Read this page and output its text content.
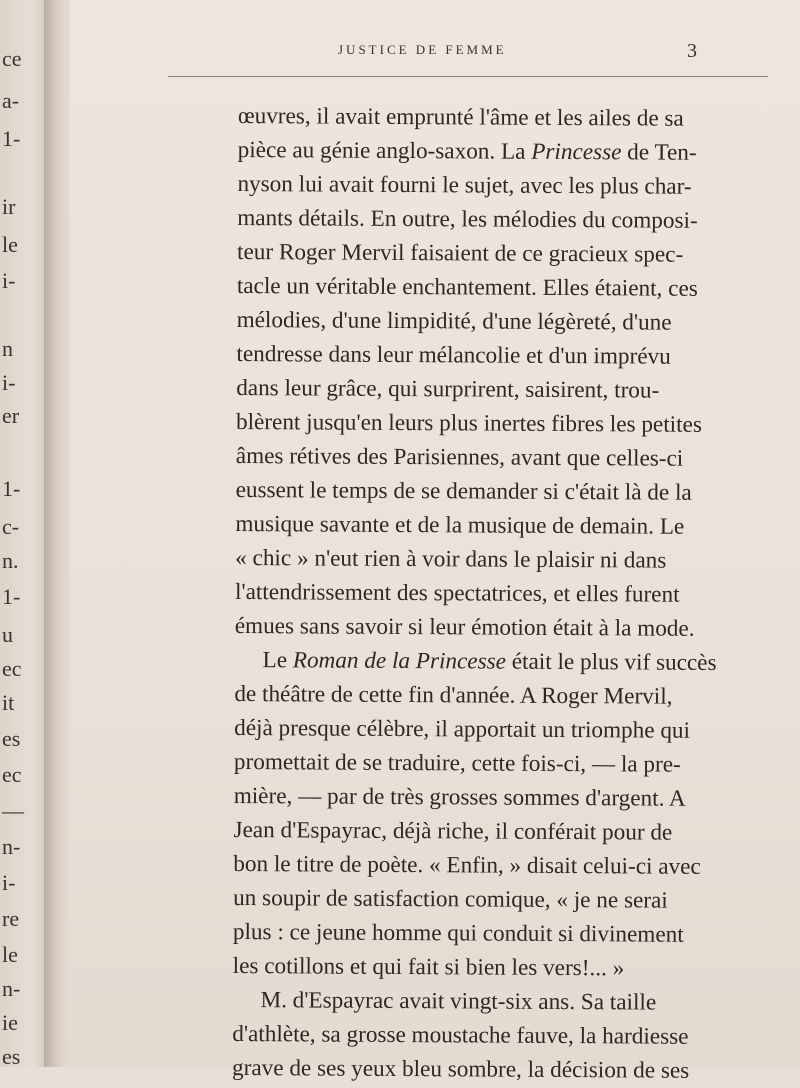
ce
a-
1-
ir
le
i-
n
i-
er
1-
c-
n.
1-
u
ec
it
es
ec
—
n-
i-
re
le
n-
ie
es
JUSTICE DE FEMME	3
œuvres, il avait emprunté l'âme et les ailes de sa
pièce au génie anglo-saxon. La Princesse de Ten-
nyson lui avait fourni le sujet, avec les plus char-
mants détails. En outre, les mélodies du composi-
teur Roger Mervil faisaient de ce gracieux spec-
tacle un véritable enchantement. Elles étaient, ces
mélodies, d'une limpidité, d'une légèreté, d'une
tendresse dans leur mélancolie et d'un imprévu
dans leur grâce, qui surprirent, saisirent, trou-
blèrent jusqu'en leurs plus inertes fibres les petites
âmes rétives des Parisiennes, avant que celles-ci
eussent le temps de se demander si c'était là de la
musique savante et de la musique de demain. Le
« chic » n'eut rien à voir dans le plaisir ni dans
l'attendrissement des spectatrices, et elles furent
émues sans savoir si leur émotion était à la mode.
Le Roman de la Princesse était le plus vif succès
de théâtre de cette fin d'année. A Roger Mervil,
déjà presque célèbre, il apportait un triomphe qui
promettait de se traduire, cette fois-ci, — la pre-
mière, — par de très grosses sommes d'argent. A
Jean d'Espayrac, déjà riche, il conférait pour de
bon le titre de poète. « Enfin, » disait celui-ci avec
un soupir de satisfaction comique, « je ne serai
plus : ce jeune homme qui conduit si divinement
les cotillons et qui fait si bien les vers!... »
M. d'Espayrac avait vingt-six ans. Sa taille
d'athlète, sa grosse moustache fauve, la hardiesse
grave de ses yeux bleu sombre, la décision de ses
